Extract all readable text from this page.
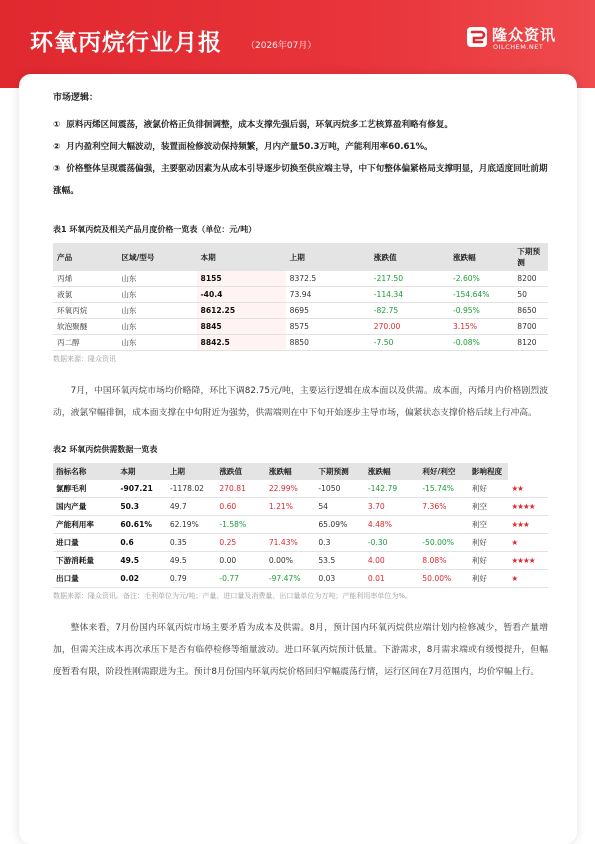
环氧丙烷行业月报	（2026年07月）
隆众资讯
OILCHEM.NET
市场逻辑：

① 原料丙烯区间震荡，液氯价格正负徘徊调整，成本支撑先强后弱，环氧丙烷多工艺核算盈利略有修复。

② 月内盈利空间大幅波动，装置面检修波动保持频繁，月内产量50.3万吨，产能利用率60.61%。

③ 价格整体呈现震荡偏强，主要驱动因素为从成本引导逐步切换至供应端主导，中下旬整体偏紧格局支撑明显，月底适度回吐前期涨幅。

表1 环氧丙烷及相关产品月度价格一览表（单位：元/吨）
产品	区域/型号	本期	上期	涨跌值	涨跌幅	下期预测
丙烯	山东	8155	8372.5	-217.50	-2.60%	8200
液氯	山东	-40.4	73.94	-114.34	-154.64%	50
环氧丙烷	山东	8612.25	8695	-82.75	-0.95%	8650
软泡聚醚	山东	8845	8575	270.00	3.15%	8700
丙二醇	山东	8842.5	8850	-7.50	-0.08%	8120
数据来源：隆众资讯

7月，中国环氧丙烷市场均价略降，环比下调82.75元/吨，主要运行逻辑在成本面以及供需。成本面，丙烯月内价格剧烈波动，液氯窄幅徘徊，成本面支撑在中旬附近为强势，供需端则在中下旬开始逐步主导市场，偏紧状态支撑价格后续上行冲高。

表2 环氧丙烷供需数据一览表
指标名称	本期	上期	涨跌值	涨跌幅	下期预测	涨跌幅	利好/利空	影响程度	
氯醇毛利	-907.21	-1178.02	270.81	22.99%	-1050	-142.79	-15.74%	利好	★★
国内产量	50.3	49.7	0.60	1.21%	54	3.70	7.36%	利空	★★★★
产能利用率	60.61%	62.19%	-1.58%		65.09%	4.48%		利空	★★★
进口量	0.6	0.35	0.25	71.43%	0.3	-0.30	-50.00%	利好	★
下游消耗量	49.5	49.5	0.00	0.00%	53.5	4.00	8.08%	利好	★★★★
出口量	0.02	0.79	-0.77	-97.47%	0.03	0.01	50.00%	利好	★
数据来源：隆众资讯。备注：毛利单位为元/吨；产量、进口量及消费量、出口量单位为万吨；产能利用率单位为%。

整体来看，7月份国内环氧丙烷市场主要矛盾为成本及供需。8月，预计国内环氧丙烷供应端计划内检修减少，暂看产量增加，但需关注成本再次承压下是否有临停检修等缩量波动。进口环氧丙烷预计低量。下游需求，8月需求端或有缓慢提升，但幅度暂看有限，阶段性刚需跟进为主。预计8月份国内环氧丙烷价格回归窄幅震荡行情，运行区间在7月范围内，均价窄幅上行。
